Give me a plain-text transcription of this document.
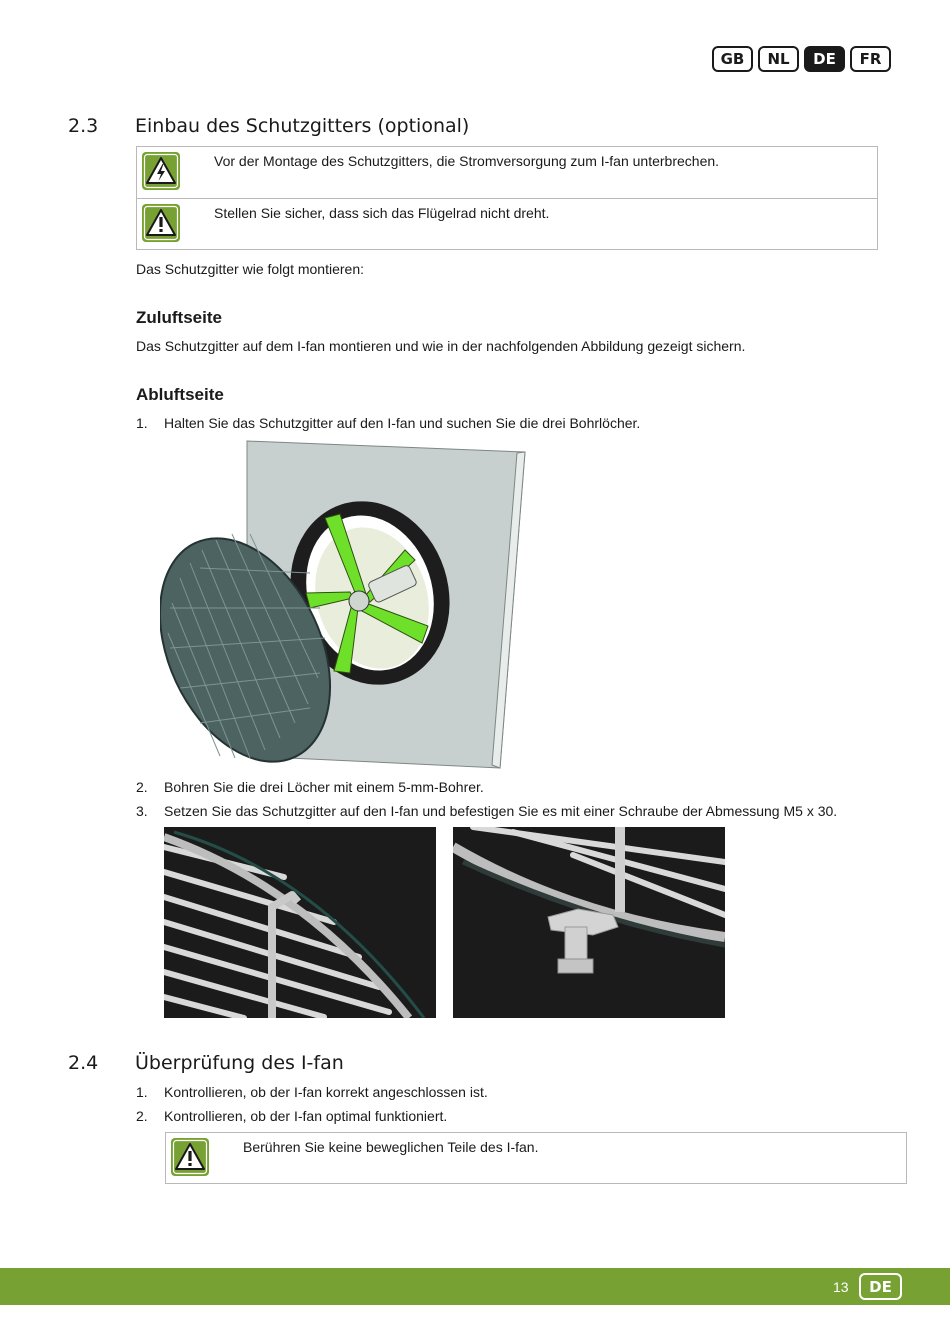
GB	NL	DE	FR
2.3 Einbau des Schutzgitters (optional)
Vor der Montage des Schutzgitters, die Stromversorgung zum I-fan unterbrechen.
Stellen Sie sicher, dass sich das Flügelrad nicht dreht.
Das Schutzgitter wie folgt montieren:
Zuluftseite
Das Schutzgitter auf dem I-fan montieren und wie in der nachfolgenden Abbildung gezeigt sichern.
Abluftseite
1. Halten Sie das Schutzgitter auf den I-fan und suchen Sie die drei Bohrlöcher.
2. Bohren Sie die drei Löcher mit einem 5-mm-Bohrer.
3. Setzen Sie das Schutzgitter auf den I-fan und befestigen Sie es mit einer Schraube der Abmessung M5 x 30.
2.4 Überprüfung des I-fan
1. Kontrollieren, ob der I-fan korrekt angeschlossen ist.
2. Kontrollieren, ob der I-fan optimal funktioniert.
Berühren Sie keine beweglichen Teile des I-fan.
13	DE
